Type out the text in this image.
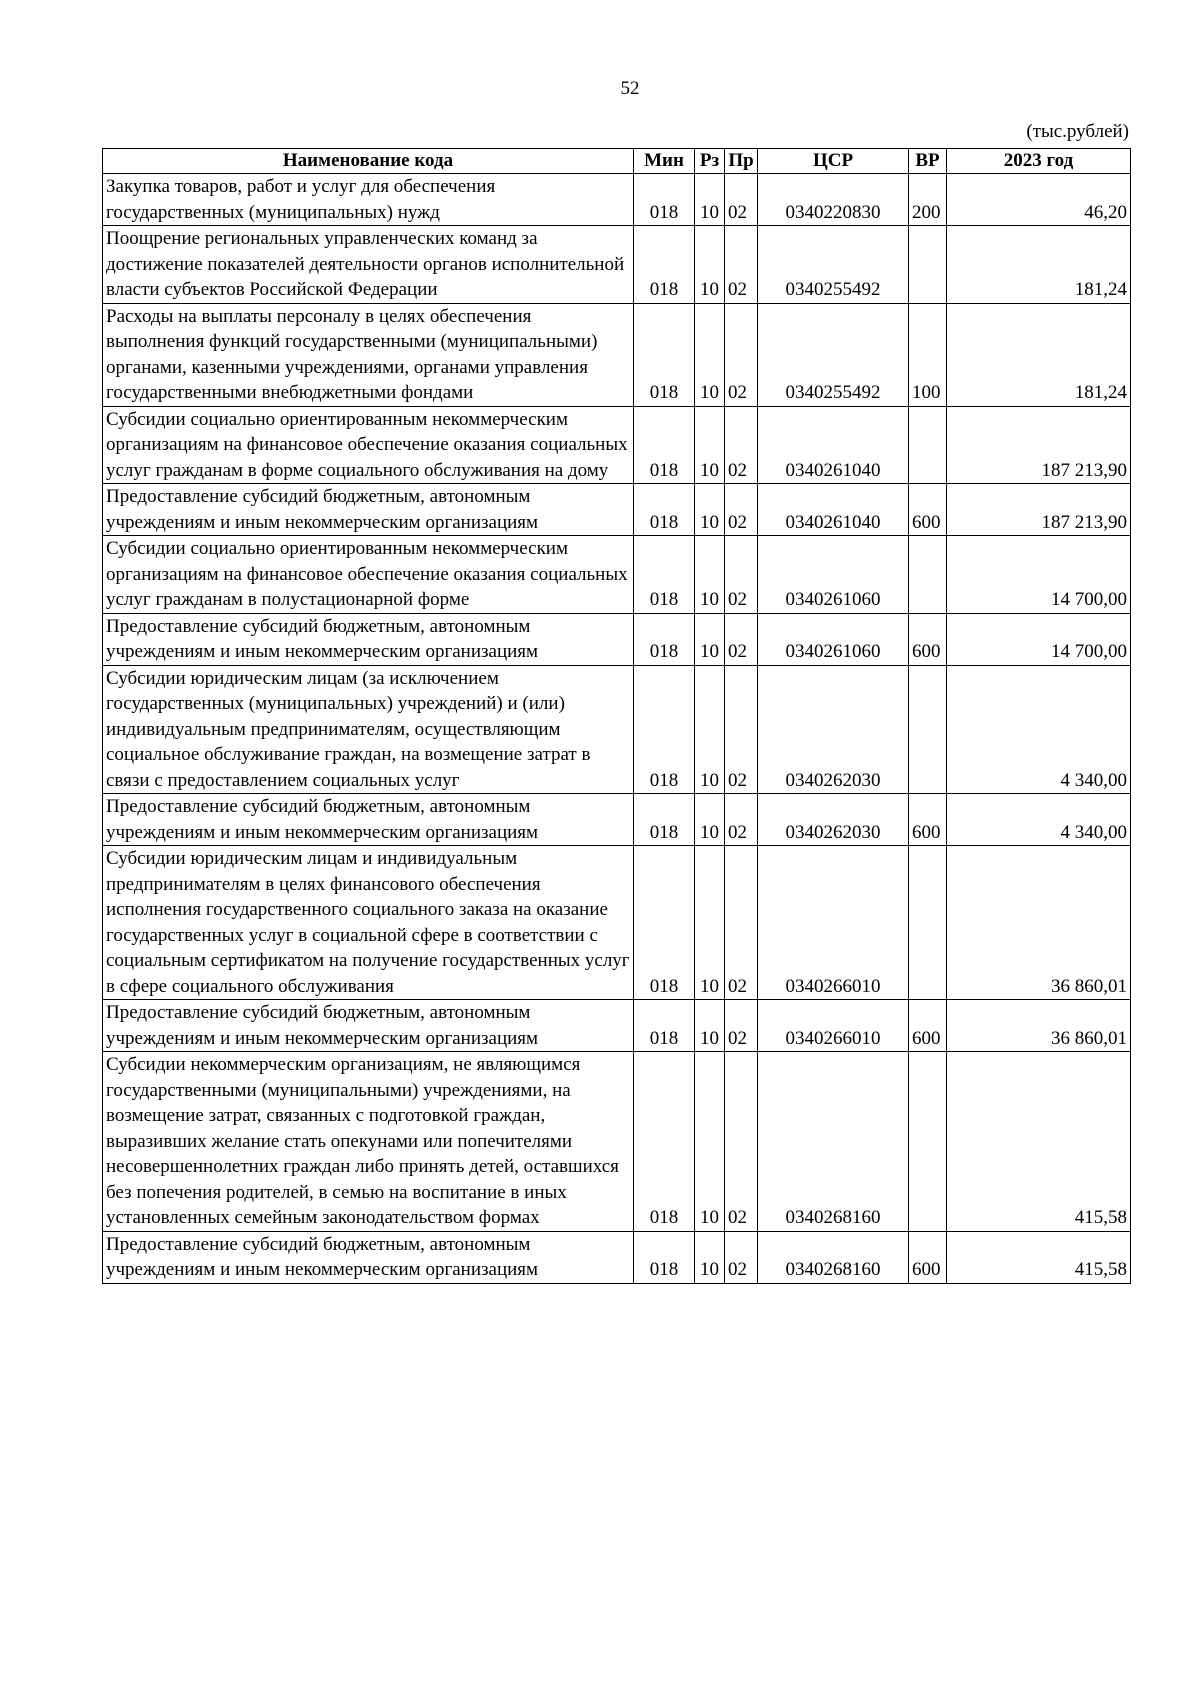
52
(тыс.рублей)
Наименование кода	Мин	Рз	Пр	ЦСР	ВР	2023 год
Закупка товаров, работ и услуг для обеспечения государственных (муниципальных) нужд	018	10	02	0340220830	200	46,20
Поощрение региональных управленческих команд за достижение показателей деятельности органов исполнительной власти субъектов Российской Федерации	018	10	02	0340255492		181,24
Расходы на выплаты персоналу в целях обеспечения выполнения функций государственными (муниципальными) органами, казенными учреждениями, органами управления государственными внебюджетными фондами	018	10	02	0340255492	100	181,24
Субсидии социально ориентированным некоммерческим организациям на финансовое обеспечение оказания социальных услуг гражданам в форме социального обслуживания на дому	018	10	02	0340261040		187 213,90
Предоставление субсидий бюджетным, автономным учреждениям и иным некоммерческим организациям	018	10	02	0340261040	600	187 213,90
Субсидии социально ориентированным некоммерческим организациям на финансовое обеспечение оказания социальных услуг гражданам в полустационарной форме	018	10	02	0340261060		14 700,00
Предоставление субсидий бюджетным, автономным учреждениям и иным некоммерческим организациям	018	10	02	0340261060	600	14 700,00
Субсидии юридическим лицам (за исключением государственных (муниципальных) учреждений) и (или) индивидуальным предпринимателям, осуществляющим социальное обслуживание граждан, на возмещение затрат в связи с предоставлением социальных услуг	018	10	02	0340262030		4 340,00
Предоставление субсидий бюджетным, автономным учреждениям и иным некоммерческим организациям	018	10	02	0340262030	600	4 340,00
Субсидии юридическим лицам и индивидуальным предпринимателям в целях финансового обеспечения исполнения государственного социального заказа на оказание государственных услуг в социальной сфере в соответствии с социальным сертификатом на получение государственных услуг в сфере социального обслуживания	018	10	02	0340266010		36 860,01
Предоставление субсидий бюджетным, автономным учреждениям и иным некоммерческим организациям	018	10	02	0340266010	600	36 860,01
Субсидии некоммерческим организациям, не являющимся государственными (муниципальными) учреждениями, на возмещение затрат, связанных с подготовкой граждан, выразивших желание стать опекунами или попечителями несовершеннолетних граждан либо принять детей, оставшихся без попечения родителей, в семью на воспитание в иных установленных семейным законодательством формах	018	10	02	0340268160		415,58
Предоставление субсидий бюджетным, автономным учреждениям и иным некоммерческим организациям	018	10	02	0340268160	600	415,58
